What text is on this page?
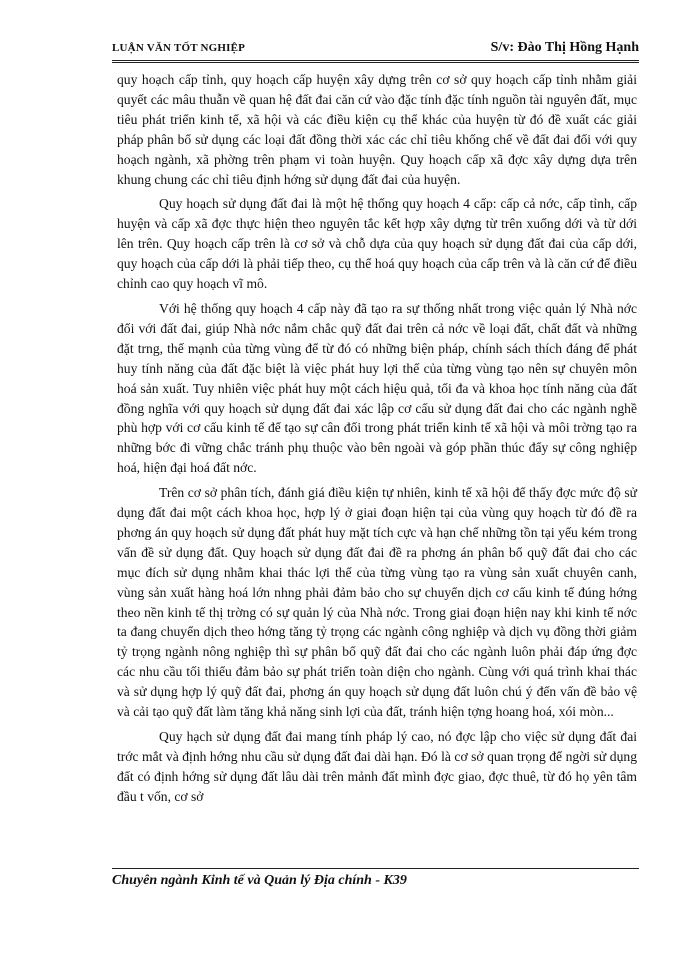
LUẬN VĂN TỐT NGHIỆP	S/v: Đào Thị Hồng Hạnh

quy hoạch cấp tỉnh, quy hoạch cấp huyện xây dựng trên cơ sở quy hoạch cấp tỉnh nhằm giải quyết các mâu thuẫn về quan hệ đất đai căn cứ vào đặc tính đặc tính nguồn tài nguyên đất, mục tiêu phát triển kinh tế, xã hội và các điều kiện cụ thể khác của huyện từ đó đề xuất các giải pháp phân bổ sử dụng các loại đất đồng thời xác các chỉ tiêu khống chế về đất đai đối với quy hoạch ngành, xã phờng trên phạm vi toàn huyện. Quy hoạch cấp xã đợc xây dựng dựa trên khung chung các chỉ tiêu định hớng sử dụng đất đai của huyện.

Quy hoạch sử dụng đất đai là một hệ thống quy hoạch 4 cấp: cấp cả nớc, cấp tỉnh, cấp huyện và cấp xã đợc thực hiện theo nguyên tắc kết hợp xây dựng từ trên xuống dới và từ dới lên trên. Quy hoạch cấp trên là cơ sở và chỗ dựa của quy hoạch sử dụng đất đai của cấp dới, quy hoạch của cấp dới là phải tiếp theo, cụ thể hoá quy hoạch của cấp trên và là căn cứ để điều chỉnh cao quy hoạch vĩ mô.

Với hệ thống quy hoạch 4 cấp này đã tạo ra sự thống nhất trong việc quản lý Nhà nớc đối với đất đai, giúp Nhà nớc nắm chắc quỹ đất đai trên cả nớc về loại đất, chất đất và những đặt trng, thế mạnh của từng vùng để từ đó có những biện pháp, chính sách thích đáng để phát huy tính năng của đất đặc biệt là việc phát huy lợi thế của từng vùng tạo nên sự chuyên môn hoá sản xuất. Tuy nhiên việc phát huy một cách hiệu quả, tối đa và khoa học tính năng của đất đồng nghĩa với quy hoạch sử dụng đất đai xác lập cơ cấu sử dụng đất đai cho các ngành nghề phù hợp với cơ cấu kinh tế để tạo sự cân đối trong phát triển kinh tế xã hội và môi trờng tạo ra những bớc đi vững chắc tránh phụ thuộc vào bên ngoài và góp phần thúc đẩy sự công nghiệp hoá, hiện đại hoá đất nớc.

Trên cơ sở phân tích, đánh giá điều kiện tự nhiên, kinh tế xã hội để thấy đợc mức độ sử dụng đất đai một cách khoa học, hợp lý ở giai đoạn hiện tại của vùng quy hoạch từ đó đề ra phơng án quy hoạch sử dụng đất phát huy mặt tích cực và hạn chế những tồn tại yếu kém trong vấn đề sử dụng đất. Quy hoạch sử dụng đất đai đề ra phơng án phân bổ quỹ đất đai cho các mục đích sử dụng nhằm khai thác lợi thế của từng vùng tạo ra vùng sản xuất chuyên canh, vùng sản xuất hàng hoá lớn nhng phải đảm bảo cho sự chuyển dịch cơ cấu kinh tế đúng hớng theo nền kinh tế thị trờng có sự quản lý của Nhà nớc. Trong giai đoạn hiện nay khi kinh tế nớc ta đang chuyển dịch theo hớng tăng tỷ trọng các ngành công nghiệp và dịch vụ đồng thời giảm tỷ trọng ngành nông nghiệp thì sự phân bổ quỹ đất đai cho các ngành luôn phải đáp ứng đợc các nhu cầu tối thiểu đảm bảo sự phát triển toàn diện cho ngành. Cùng với quá trình khai thác và sử dụng hợp lý quỹ đất đai, phơng án quy hoạch sử dụng đất luôn chú ý đến vấn đề bảo vệ và cải tạo quỹ đất làm tăng khả năng sinh lợi của đất, tránh hiện tợng hoang hoá, xói mòn...

Quy hạch sử dụng đất đai mang tính pháp lý cao, nó đợc lập cho việc sử dụng đất đai trớc mắt và định hớng nhu cầu sử dụng đất đai dài hạn. Đó là cơ sở quan trọng để ngời sử dụng đất có định hớng sử dụng đất lâu dài trên mảnh đất mình đợc giao, đợc thuê, từ đó họ yên tâm đầu t vốn, cơ sở

Chuyên ngành Kinh tế và Quản lý Địa chính - K39
